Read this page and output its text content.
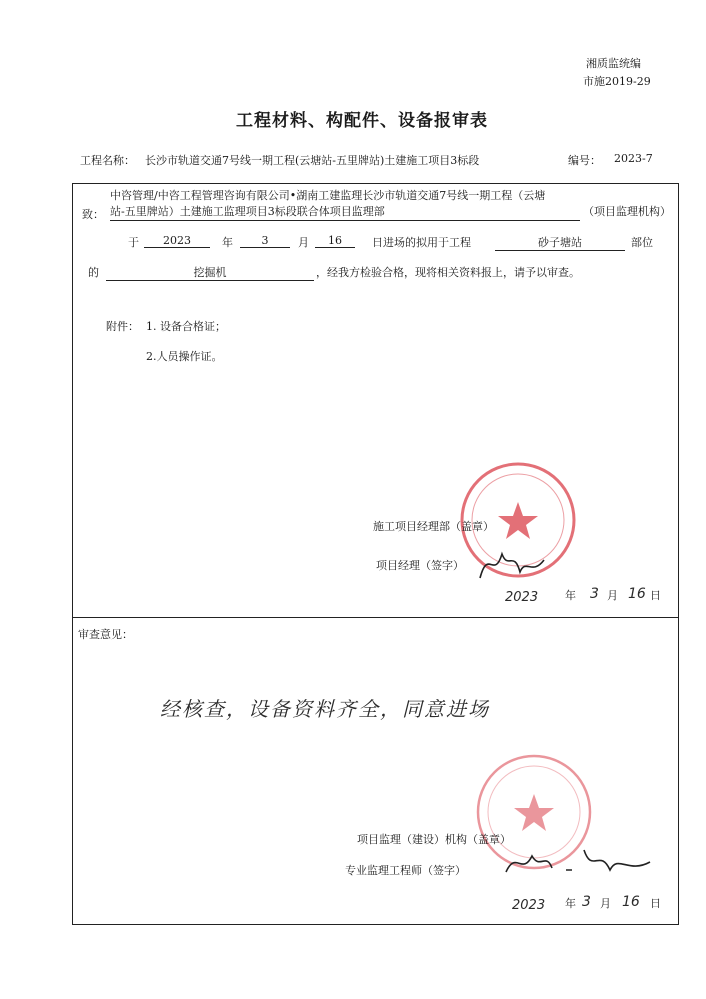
湘质监统编
市施2019-29
工程材料、构配件、设备报审表
工程名称： 长沙市轨道交通7号线一期工程(云塘站-五里牌站)土建施工项目3标段	编号： 2023-7
致：
中咨管理/中咨工程管理咨询有限公司•湖南工建监理长沙市轨道交通7号线一期工程（云塘
站-五里牌站）土建施工监理项目3标段联合体项目监理部	（项目监理机构）
于	2023	年	3	月	16	日进场的拟用于工程	砂子塘站	部位
的	挖掘机	，经我方检验合格，现将相关资料报上，请予以审查。
附件： 1. 设备合格证；
2.人员操作证。
施工项目经理部（盖章）
项目经理（签字）
2023 年 3 月 16 日
审查意见：
经核查，设备资料齐全，同意进场
项目监理（建设）机构（盖章）
专业监理工程师（签字）
2023 年 3 月 16 日
